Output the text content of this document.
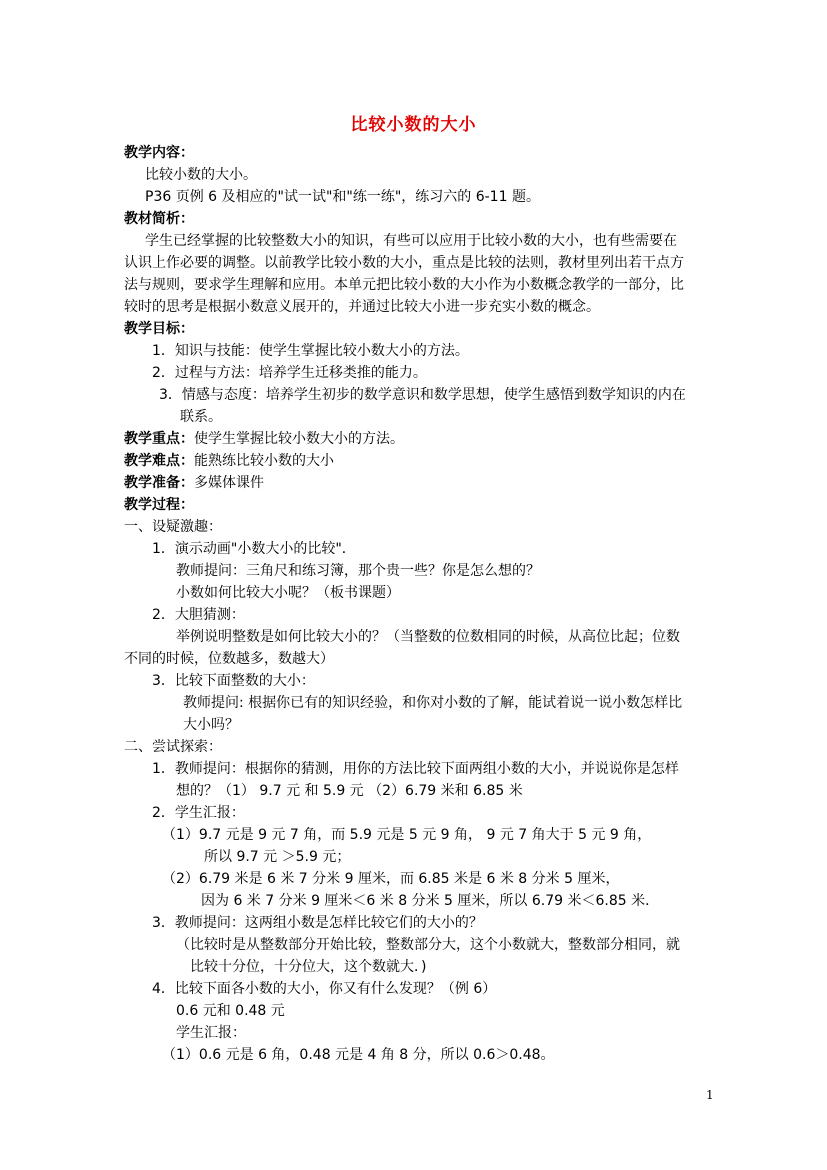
比较小数的大小
教学内容：
比较小数的大小。
P36 页例 6 及相应的"试一试"和"练一练"，练习六的 6-11 题。
教材简析：
学生已经掌握的比较整数大小的知识，有些可以应用于比较小数的大小，也有些需要在
认识上作必要的调整。以前教学比较小数的大小，重点是比较的法则，教材里列出若干点方
法与规则，要求学生理解和应用。本单元把比较小数的大小作为小数概念教学的一部分，比
较时的思考是根据小数意义展开的，并通过比较大小进一步充实小数的概念。
教学目标：
1．知识与技能：使学生掌握比较小数大小的方法。
2．过程与方法：培养学生迁移类推的能力。
3．情感与态度：培养学生初步的数学意识和数学思想，使学生感悟到数学知识的内在
联系。
教学重点：使学生掌握比较小数大小的方法。
教学难点：能熟练比较小数的大小
教学准备：多媒体课件
教学过程：
一、设疑激趣：
1．演示动画"小数大小的比较"．
教师提问：三角尺和练习簿，那个贵一些？你是怎么想的？
小数如何比较大小呢？（板书课题）
2．大胆猜测：
举例说明整数是如何比较大小的？（当整数的位数相同的时候，从高位比起；位数
不同的时候，位数越多，数越大）
3．比较下面整数的大小：
教师提问: 根据你已有的知识经验，和你对小数的了解，能试着说一说小数怎样比
大小吗？
二、尝试探索：
1．教师提问：根据你的猜测，用你的方法比较下面两组小数的大小，并说说你是怎样
想的？（1） 9.7 元 和 5.9 元 （2）6.79 米和 6.85 米
2．学生汇报：
（1）9.7 元是 9 元 7 角，而 5.9 元是 5 元 9 角， 9 元 7 角大于 5 元 9 角，
所以 9.7 元 ＞5.9 元；
（2）6.79 米是 6 米 7 分米 9 厘米，而 6.85 米是 6 米 8 分米 5 厘米，
因为 6 米 7 分米 9 厘米＜6 米 8 分米 5 厘米，所以 6.79 米＜6.85 米．
3．教师提问：这两组小数是怎样比较它们的大小的？
（比较时是从整数部分开始比较，整数部分大，这个小数就大，整数部分相同，就
比较十分位，十分位大，这个数就大．)
4．比较下面各小数的大小，你又有什么发现？（例 6）
0.6 元和 0.48 元
学生汇报：
（1）0.6 元是 6 角，0.48 元是 4 角 8 分，所以 0.6＞0.48。
1
